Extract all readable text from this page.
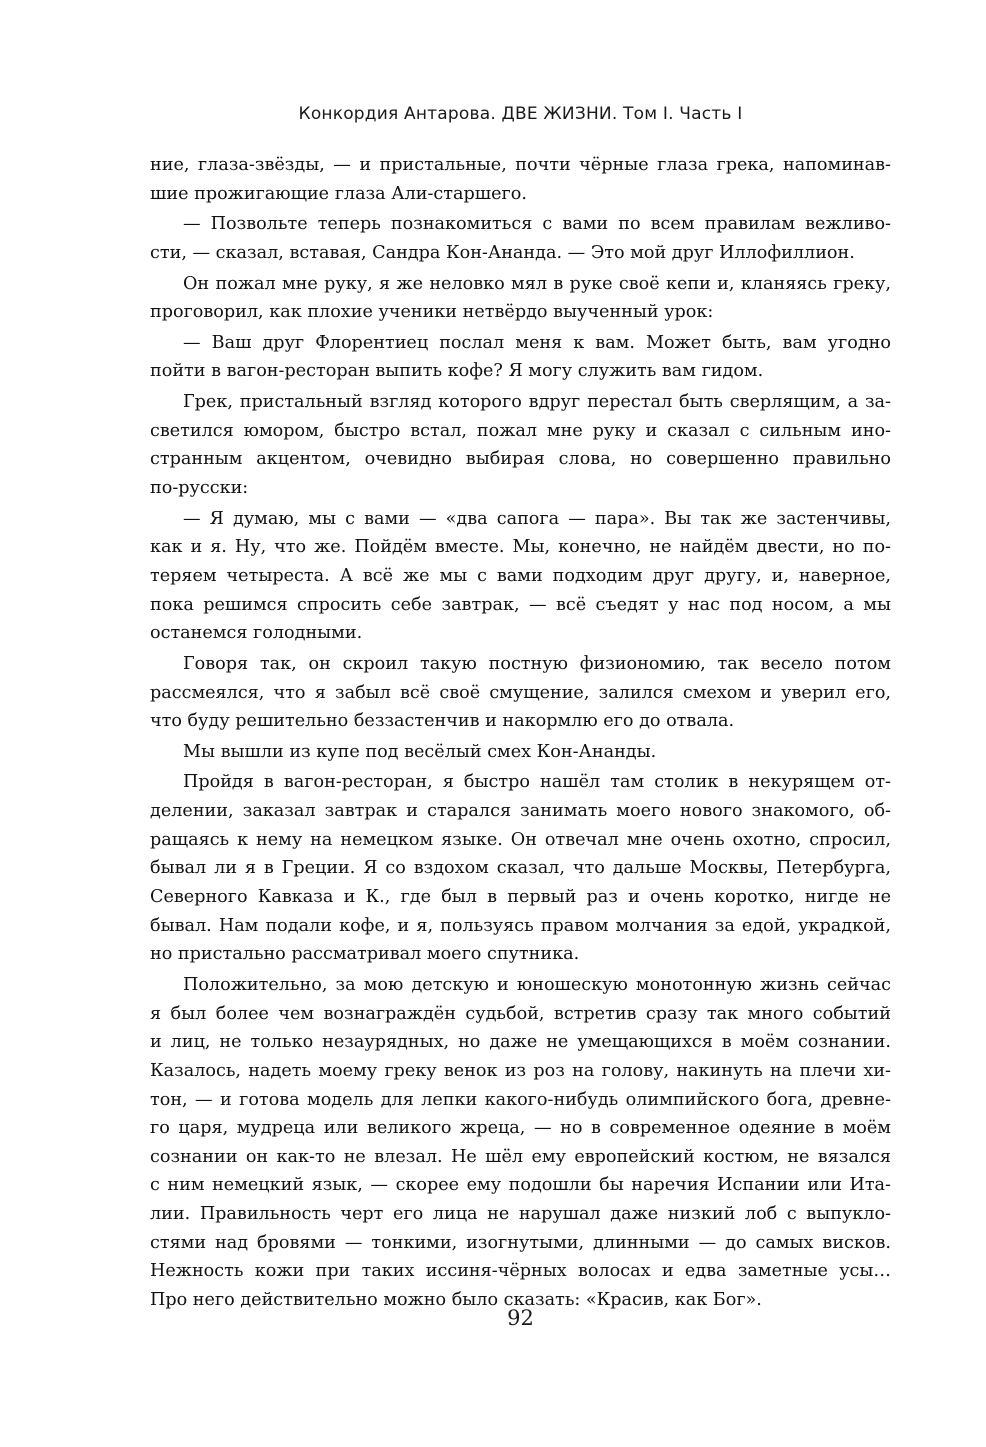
Конкордия Антарова. ДВЕ ЖИЗНИ. Том I. Часть I
ние, глаза-звёзды, — и пристальные, почти чёрные глаза грека, напоминав-
шие прожигающие глаза Али-старшего.
— Позвольте теперь познакомиться с вами по всем правилам вежливо-
сти, — сказал, вставая, Сандра Кон-Ананда. — Это мой друг Иллофиллион.
Он пожал мне руку, я же неловко мял в руке своё кепи и, кланяясь греку,
проговорил, как плохие ученики нетвёрдо выученный урок:
— Ваш друг Флорентиец послал меня к вам. Может быть, вам угодно
пойти в вагон-ресторан выпить кофе? Я могу служить вам гидом.
Грек, пристальный взгляд которого вдруг перестал быть сверлящим, а за-
светился юмором, быстро встал, пожал мне руку и сказал с сильным ино-
странным акцентом, очевидно выбирая слова, но совершенно правильно
по-русски:
— Я думаю, мы с вами — «два сапога — пара». Вы так же застенчивы,
как и я. Ну, что же. Пойдём вместе. Мы, конечно, не найдём двести, но по-
теряем четыреста. А всё же мы с вами подходим друг другу, и, наверное,
пока решимся спросить себе завтрак, — всё съедят у нас под носом, а мы
останемся голодными.
Говоря так, он скроил такую постную физиономию, так весело потом
рассмеялся, что я забыл всё своё смущение, залился смехом и уверил его,
что буду решительно беззастенчив и накормлю его до отвала.
Мы вышли из купе под весёлый смех Кон-Ананды.
Пройдя в вагон-ресторан, я быстро нашёл там столик в некурящем от-
делении, заказал завтрак и старался занимать моего нового знакомого, об-
ращаясь к нему на немецком языке. Он отвечал мне очень охотно, спросил,
бывал ли я в Греции. Я со вздохом сказал, что дальше Москвы, Петербурга,
Северного Кавказа и К., где был в первый раз и очень коротко, нигде не
бывал. Нам подали кофе, и я, пользуясь правом молчания за едой, украдкой,
но пристально рассматривал моего спутника.
Положительно, за мою детскую и юношескую монотонную жизнь сейчас
я был более чем вознаграждён судьбой, встретив сразу так много событий
и лиц, не только незаурядных, но даже не умещающихся в моём сознании.
Казалось, надеть моему греку венок из роз на голову, накинуть на плечи хи-
тон, — и готова модель для лепки какого-нибудь олимпийского бога, древне-
го царя, мудреца или великого жреца, — но в современное одеяние в моём
сознании он как-то не влезал. Не шёл ему европейский костюм, не вязался
с ним немецкий язык, — скорее ему подошли бы наречия Испании или Ита-
лии. Правильность черт его лица не нарушал даже низкий лоб с выпукло-
стями над бровями — тонкими, изогнутыми, длинными — до самых висков.
Нежность кожи при таких иссиня-чёрных волосах и едва заметные усы…
Про него действительно можно было сказать: «Красив, как Бог».
92
